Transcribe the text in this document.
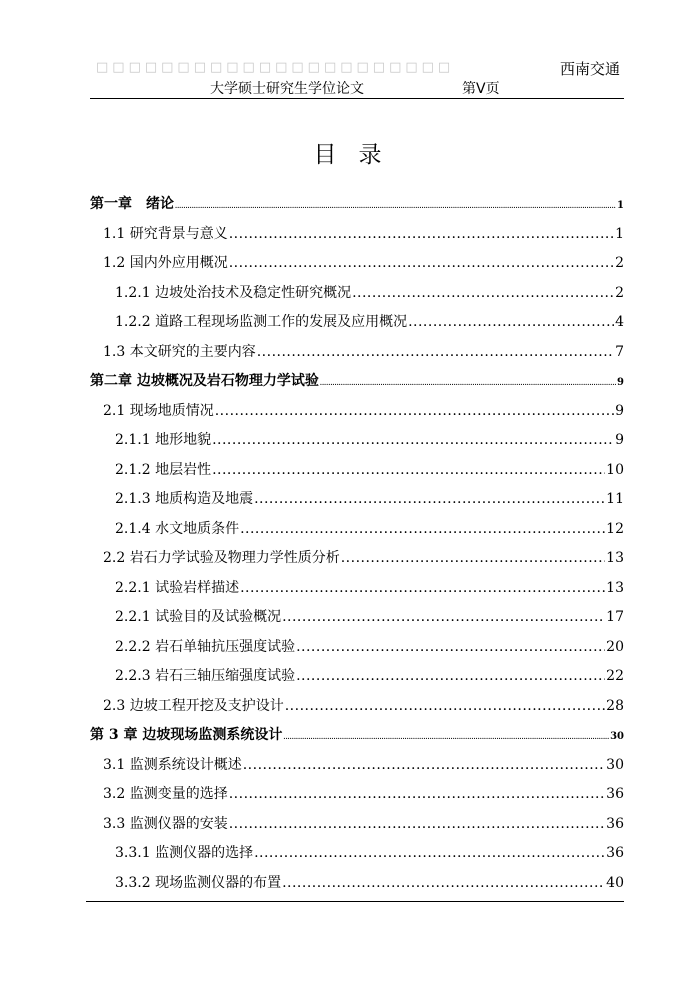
□□□□□□□□□□□□□□□□□□□□□□	西南交通
大学硕士研究生学位论文	第V页
目录
第一章　绪论 .....	1
1.1 研究背景与意义 .....	1
1.2 国内外应用概况 .....	2
1.2.1 边坡处治技术及稳定性研究概况 .....	2
1.2.2 道路工程现场监测工作的发展及应用概况 .....	4
1.3 本文研究的主要内容 .....	7
第二章 边坡概况及岩石物理力学试验 .....	9
2.1 现场地质情况 .....	9
2.1.1 地形地貌 .....	9
2.1.2 地层岩性 .....	10
2.1.3 地质构造及地震 .....	11
2.1.4 水文地质条件 .....	12
2.2 岩石力学试验及物理力学性质分析 .....	13
2.2.1 试验岩样描述 .....	13
2.2.1 试验目的及试验概况 .....	17
2.2.2 岩石单轴抗压强度试验 .....	20
2.2.3 岩石三轴压缩强度试验 .....	22
2.3 边坡工程开挖及支护设计 .....	28
第 3 章 边坡现场监测系统设计 .....	30
3.1 监测系统设计概述 .....	30
3.2 监测变量的选择 .....	36
3.3 监测仪器的安装 .....	36
3.3.1 监测仪器的选择 .....	36
3.3.2 现场监测仪器的布置 .....	40
